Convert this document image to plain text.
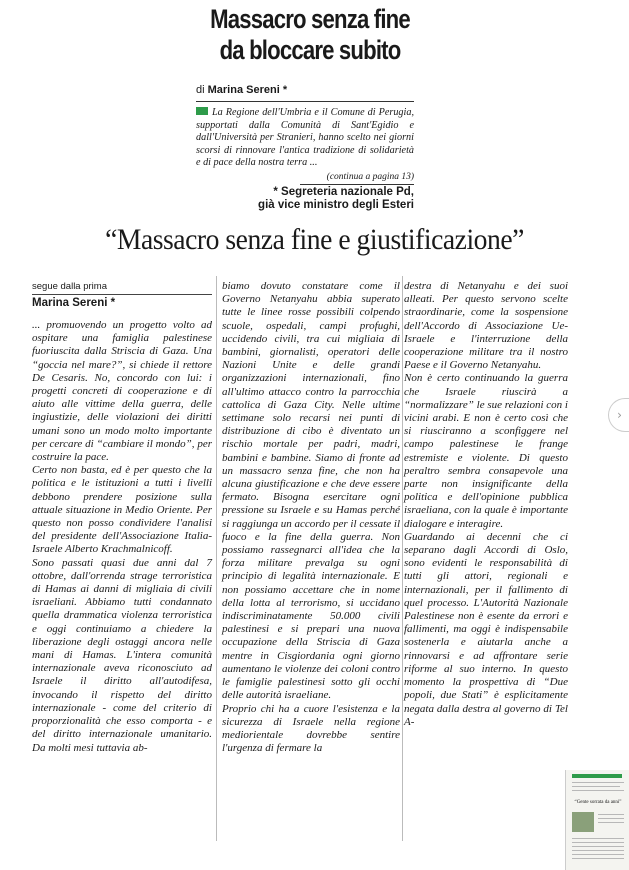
Massacro senza fine
da bloccare subito
di Marina Sereni *
La Regione dell'Umbria e il Comune di Perugia, supportati dalla Comunità di Sant'Egidio e dall'Università per Stranieri, hanno scelto nei giorni scorsi di rinnovare l'antica tradizione di solidarietà e di pace della nostra terra ...
(continua a pagina 13)
* Segreteria nazionale Pd,
già vice ministro degli Esteri
“Massacro senza fine e giustificazione”
segue dalla prima
Marina Sereni *

... promuovendo un progetto volto ad ospitare una famiglia palestinese fuoriuscita dalla Striscia di Gaza. Una “goccia nel mare?”, si chiede il rettore De Cesaris. No, concordo con lui: i progetti concreti di cooperazione e di aiuto alle vittime della guerra, delle ingiustizie, delle violazioni dei diritti umani sono un modo molto importante per cercare di “cambiare il mondo”, per costruire la pace.

Certo non basta, ed è per questo che la politica e le istituzioni a tutti i livelli debbono prendere posizione sulla attuale situazione in Medio Oriente. Per questo non posso condividere l'analisi del presidente dell'Associazione Italia-Israele Alberto Krachmalnicoff.

Sono passati quasi due anni dal 7 ottobre, dall'orrenda strage terroristica di Hamas ai danni di migliaia di civili israeliani. Abbiamo tutti condannato quella drammatica violenza terroristica e oggi continuiamo a chiedere la liberazione degli ostaggi ancora nelle mani di Hamas. L'intera comunità internazionale aveva riconosciuto ad Israele il diritto all'autodifesa, invocando il rispetto del diritto internazionale - come del criterio di proporzionalità che esso comporta - e del diritto internazionale umanitario. Da molti mesi tuttavia ab-

biamo dovuto constatare come il Governo Netanyahu abbia superato tutte le linee rosse possibili colpendo scuole, ospedali, campi profughi, uccidendo civili, tra cui migliaia di bambini, giornalisti, operatori delle Nazioni Unite e delle grandi organizzazioni internazionali, fino all'ultimo attacco contro la parrocchia cattolica di Gaza City. Nelle ultime settimane solo recarsi nei punti di distribuzione di cibo è diventato un rischio mortale per padri, madri, bambini e bambine. Siamo di fronte ad un massacro senza fine, che non ha alcuna giustificazione e che deve essere fermato. Bisogna esercitare ogni pressione su Israele e su Hamas perché si raggiunga un accordo per il cessate il fuoco e la fine della guerra. Non possiamo rassegnarci all'idea che la forza militare prevalga su ogni principio di legalità internazionale. E non possiamo accettare che in nome della lotta al terrorismo, si uccidano indiscriminatamente 50.000 civili palestinesi e si prepari una nuova occupazione della Striscia di Gaza mentre in Cisgiordania ogni giorno aumentano le violenze dei coloni contro le famiglie palestinesi sotto gli occhi delle autorità israeliane.

Proprio chi ha a cuore l'esistenza e la sicurezza di Israele nella regione mediorientale dovrebbe sentire l'urgenza di fermare la

destra di Netanyahu e dei suoi alleati. Per questo servono scelte straordinarie, come la sospensione dell'Accordo di Associazione Ue-Israele e l'interruzione della cooperazione militare tra il nostro Paese e il Governo Netanyahu.

Non è certo continuando la guerra che Israele riuscirà a “normalizzare” le sue relazioni con i vicini arabi. E non è certo così che si riusciranno a sconfiggere nel campo palestinese le frange estremiste e violente. Di questo peraltro sembra consapevole una parte non insignificante della politica e dell'opinione pubblica israeliana, con la quale è importante dialogare e interagire.

Guardando ai decenni che ci separano dagli Accordi di Oslo, sono evidenti le responsabilità di tutti gli attori, regionali e internazionali, per il fallimento di quel processo. L'Autorità Nazionale Palestinese non è esente da errori e fallimenti, ma oggi è indispensabile sostenerla e aiutarla anche a rinnovarsi e ad affrontare serie riforme al suo interno. In questo momento la prospettiva di “Due popoli, due Stati” è esplicitamente negata dalla destra al governo di Tel A-

›
“Gente sorrata da anni”
